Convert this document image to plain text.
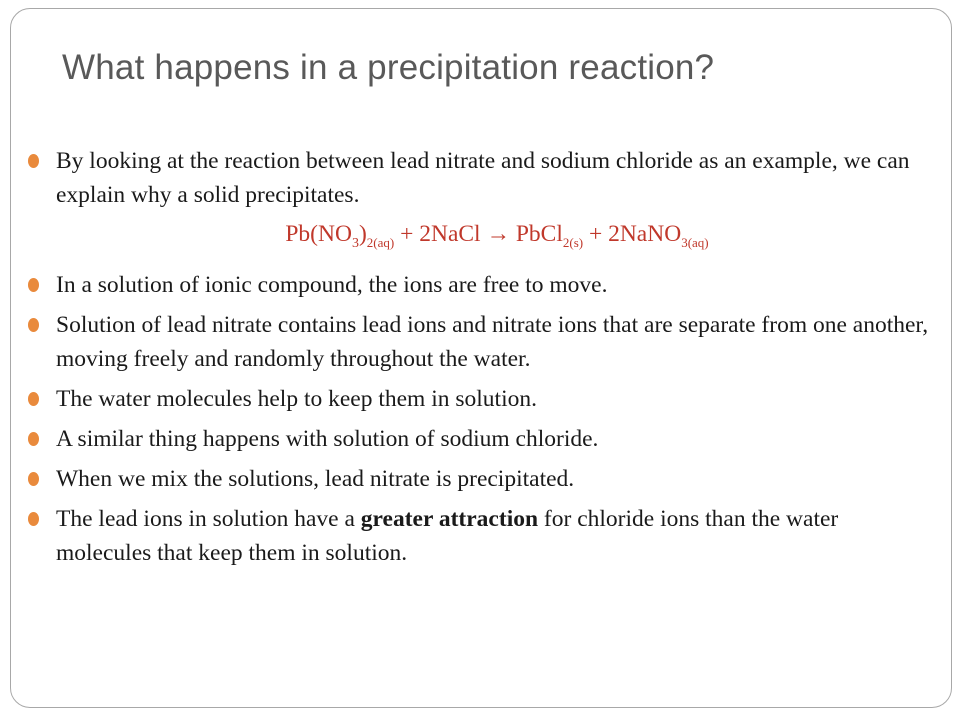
What happens in a precipitation reaction?
By looking at the reaction between lead nitrate and sodium chloride as an example, we can explain why a solid precipitates.
$Pb(NO_3)_{2(aq)}$ + 2NaCl → PbCl$_{2(s)}$ + 2NaNO$_{3(aq)}$
In a solution of ionic compound, the ions are free to move.
Solution of lead nitrate contains lead ions and nitrate ions that are separate from one another, moving freely and randomly throughout the water.
The water molecules help to keep them in solution.
A similar thing happens with solution of sodium chloride.
When we mix the solutions, lead nitrate is precipitated.
The lead ions in solution have a greater attraction for chloride ions than the water molecules that keep them in solution.
